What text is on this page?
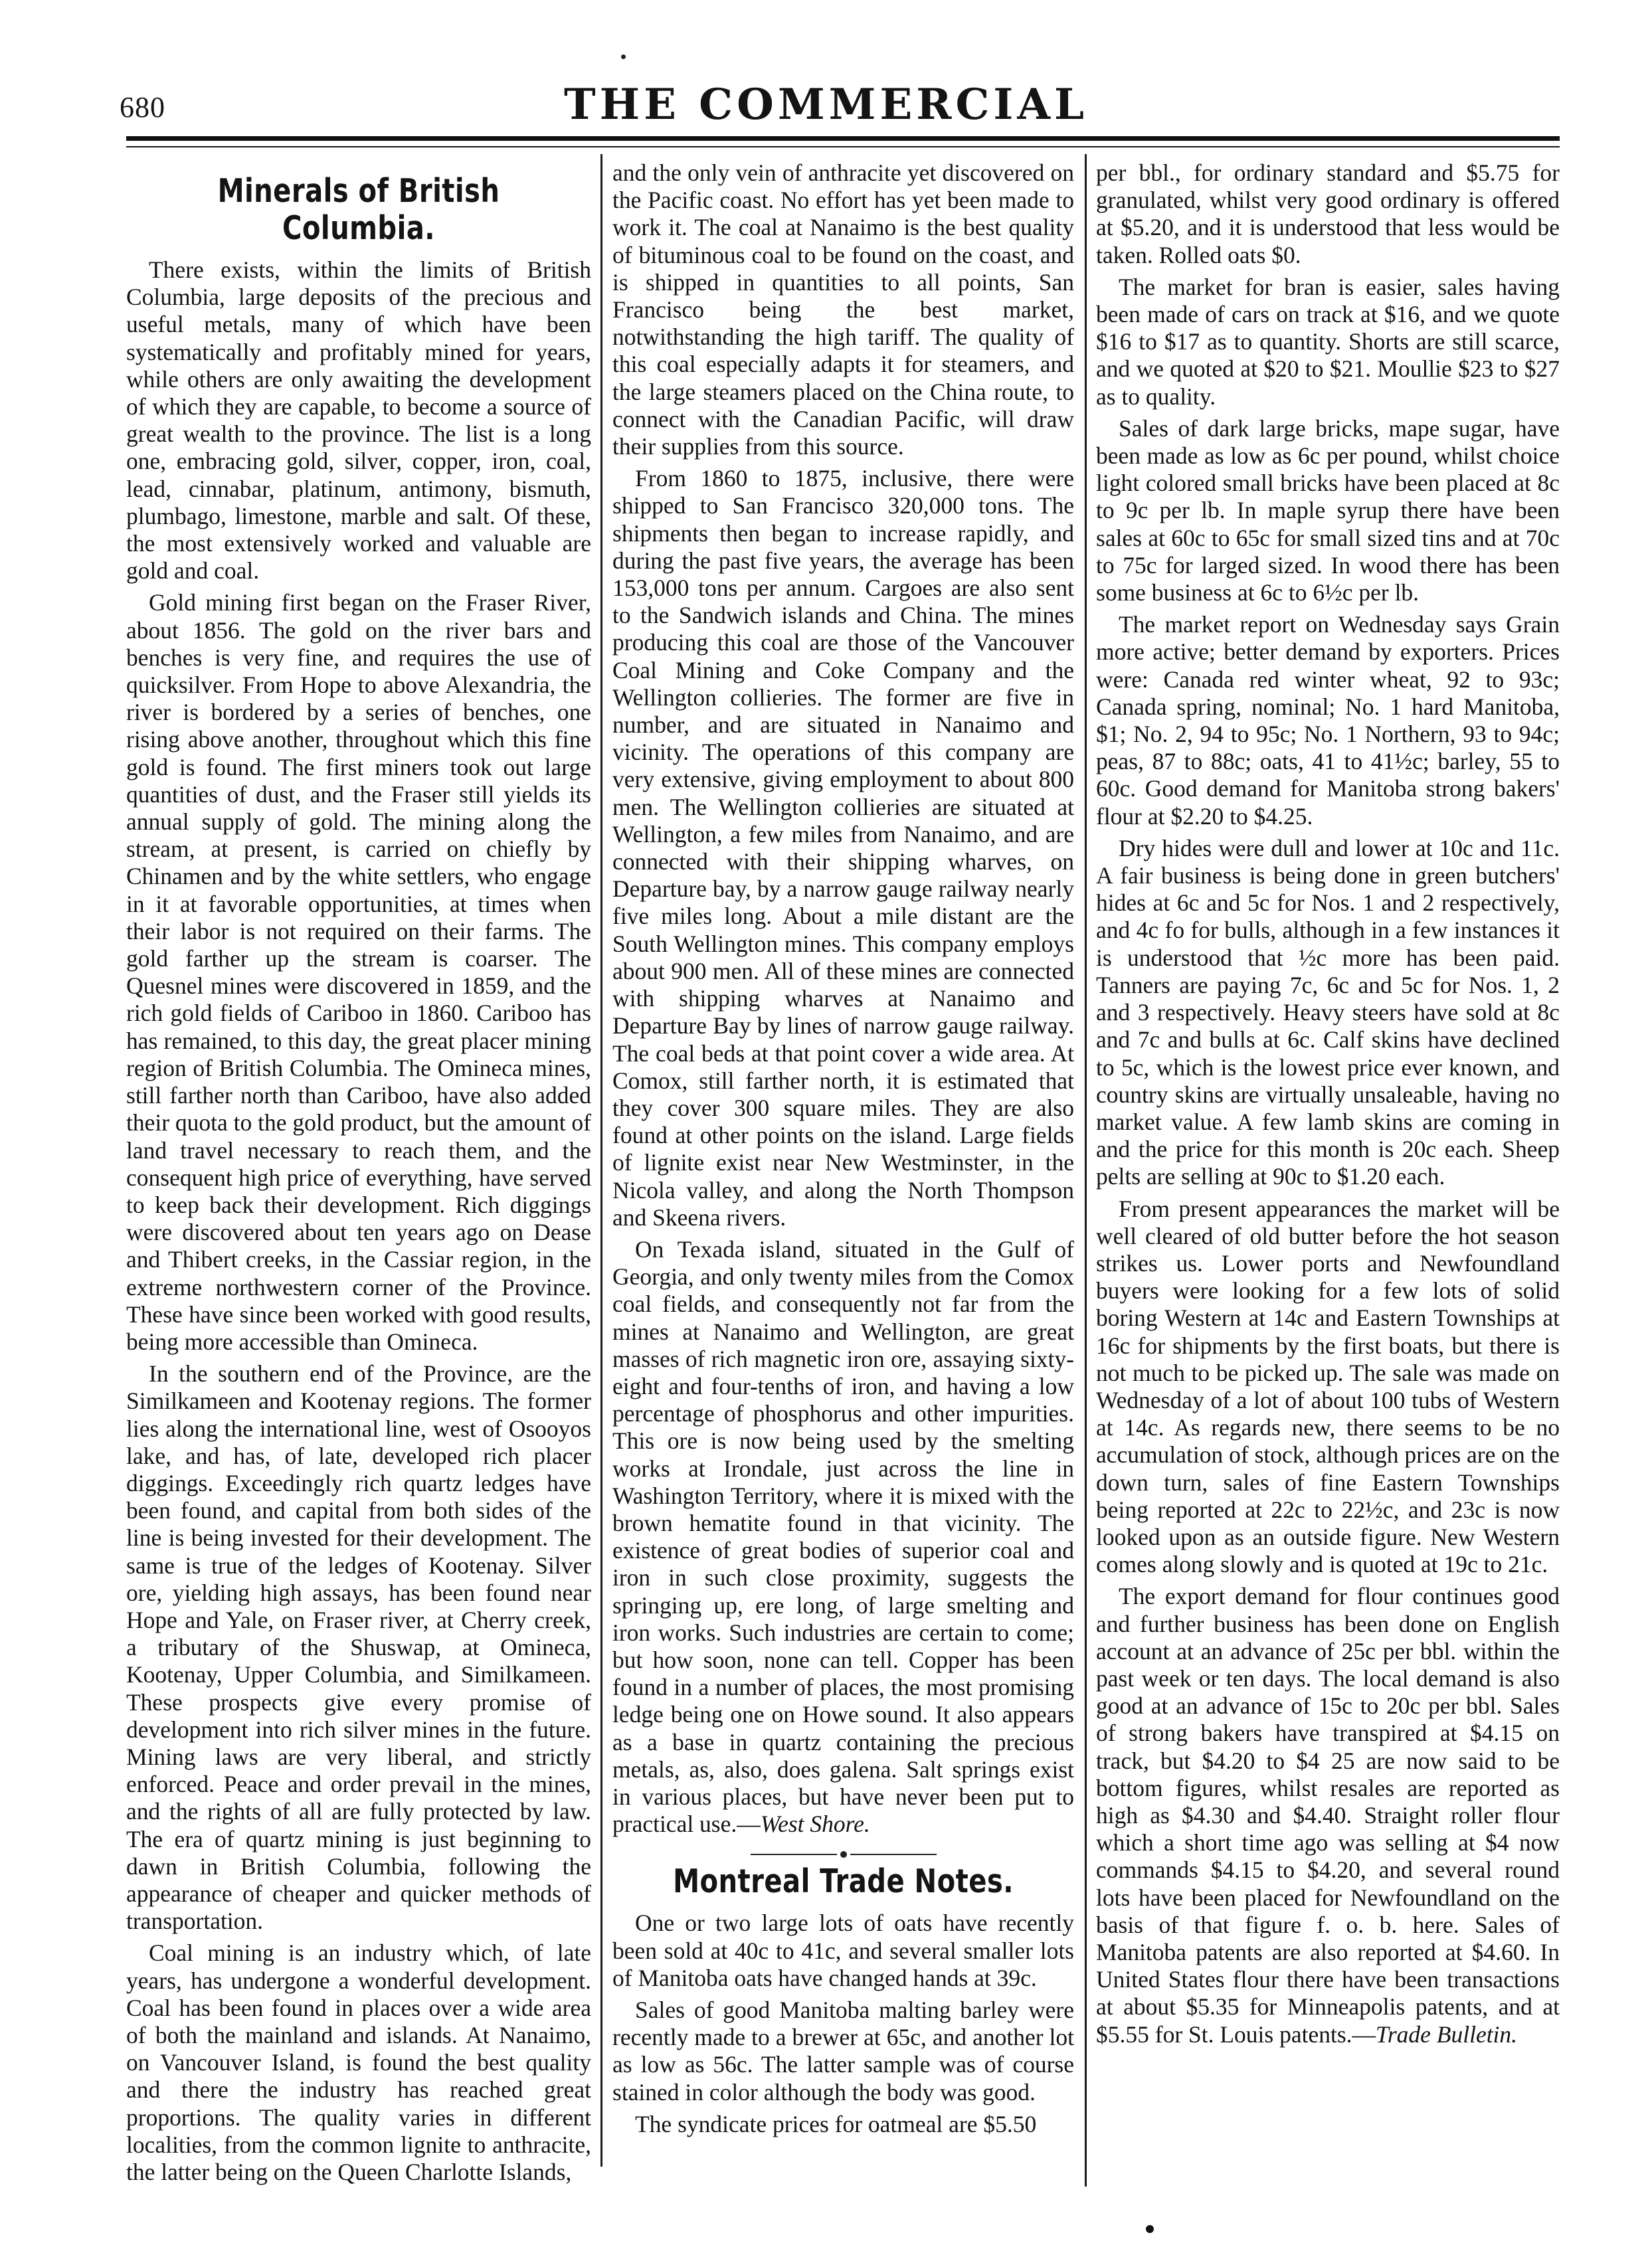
680	THE COMMERCIAL
Minerals of British Columbia.

There exists, within the limits of British Columbia, large deposits of the precious and useful metals, many of which have been systematically and profitably mined for years, while others are only awaiting the development of which they are capable, to become a source of great wealth to the province. The list is a long one, embracing gold, silver, copper, iron, coal, lead, cinnabar, platinum, antimony, bismuth, plumbago, limestone, marble and salt. Of these, the most extensively worked and valuable are gold and coal.

Gold mining first began on the Fraser River, about 1856. The gold on the river bars and benches is very fine, and requires the use of quicksilver. From Hope to above Alexandria, the river is bordered by a series of benches, one rising above another, throughout which this fine gold is found. The first miners took out large quantities of dust, and the Fraser still yields its annual supply of gold. The mining along the stream, at present, is carried on chiefly by Chinamen and by the white settlers, who engage in it at favorable opportunities, at times when their labor is not required on their farms. The gold farther up the stream is coarser. The Quesnel mines were discovered in 1859, and the rich gold fields of Cariboo in 1860. Cariboo has has remained, to this day, the great placer mining region of British Columbia. The Omineca mines, still farther north than Cariboo, have also added their quota to the gold product, but the amount of land travel necessary to reach them, and the consequent high price of everything, have served to keep back their development. Rich diggings were discovered about ten years ago on Dease and Thibert creeks, in the Cassiar region, in the extreme northwestern corner of the Province. These have since been worked with good results, being more accessible than Omineca.

In the southern end of the Province, are the Similkameen and Kootenay regions. The former lies along the international line, west of Osooyos lake, and has, of late, developed rich placer diggings. Exceedingly rich quartz ledges have been found, and capital from both sides of the line is being invested for their development. The same is true of the ledges of Kootenay. Silver ore, yielding high assays, has been found near Hope and Yale, on Fraser river, at Cherry creek, a tributary of the Shuswap, at Omineca, Kootenay, Upper Columbia, and Similkameen. These prospects give every promise of development into rich silver mines in the future. Mining laws are very liberal, and strictly enforced. Peace and order prevail in the mines, and the rights of all are fully protected by law. The era of quartz mining is just beginning to dawn in British Columbia, following the appearance of cheaper and quicker methods of transportation.

Coal mining is an industry which, of late years, has undergone a wonderful development. Coal has been found in places over a wide area of both the mainland and islands. At Nanaimo, on Vancouver Island, is found the best quality and there the industry has reached great proportions. The quality varies in different localities, from the common lignite to anthracite, the latter being on the Queen Charlotte Islands,

and the only vein of anthracite yet discovered on the Pacific coast. No effort has yet been made to work it. The coal at Nanaimo is the best quality of bituminous coal to be found on the coast, and is shipped in quantities to all points, San Francisco being the best market, notwithstanding the high tariff. The quality of this coal especially adapts it for steamers, and the large steamers placed on the China route, to connect with the Canadian Pacific, will draw their supplies from this source.

From 1860 to 1875, inclusive, there were shipped to San Francisco 320,000 tons. The shipments then began to increase rapidly, and during the past five years, the average has been 153,000 tons per annum. Cargoes are also sent to the Sandwich islands and China. The mines producing this coal are those of the Vancouver Coal Mining and Coke Company and the Wellington collieries. The former are five in number, and are situated in Nanaimo and vicinity. The operations of this company are very extensive, giving employment to about 800 men. The Wellington collieries are situated at Wellington, a few miles from Nanaimo, and are connected with their shipping wharves, on Departure bay, by a narrow gauge railway nearly five miles long. About a mile distant are the South Wellington mines. This company employs about 900 men. All of these mines are connected with shipping wharves at Nanaimo and Departure Bay by lines of narrow gauge railway. The coal beds at that point cover a wide area. At Comox, still farther north, it is estimated that they cover 300 square miles. They are also found at other points on the island. Large fields of lignite exist near New Westminster, in the Nicola valley, and along the North Thompson and Skeena rivers.

On Texada island, situated in the Gulf of Georgia, and only twenty miles from the Comox coal fields, and consequently not far from the mines at Nanaimo and Wellington, are great masses of rich magnetic iron ore, assaying sixty-eight and four-tenths of iron, and having a low percentage of phosphorus and other impurities. This ore is now being used by the smelting works at Irondale, just across the line in Washington Territory, where it is mixed with the brown hematite found in that vicinity. The existence of great bodies of superior coal and iron in such close proximity, suggests the springing up, ere long, of large smelting and iron works. Such industries are certain to come; but how soon, none can tell. Copper has been found in a number of places, the most promising ledge being one on Howe sound. It also appears as a base in quartz containing the precious metals, as, also, does galena. Salt springs exist in various places, but have never been put to practical use.—West Shore.

Montreal Trade Notes.

One or two large lots of oats have recently been sold at 40c to 41c, and several smaller lots of Manitoba oats have changed hands at 39c.

Sales of good Manitoba malting barley were recently made to a brewer at 65c, and another lot as low as 56c. The latter sample was of course stained in color although the body was good.

The syndicate prices for oatmeal are $5.50

per bbl., for ordinary standard and $5.75 for granulated, whilst very good ordinary is offered at $5.20, and it is understood that less would be taken. Rolled oats $0.

The market for bran is easier, sales having been made of cars on track at $16, and we quote $16 to $17 as to quantity. Shorts are still scarce, and we quoted at $20 to $21. Moullie $23 to $27 as to quality.

Sales of dark large bricks, mape sugar, have been made as low as 6c per pound, whilst choice light colored small bricks have been placed at 8c to 9c per lb. In maple syrup there have been sales at 60c to 65c for small sized tins and at 70c to 75c for larged sized. In wood there has been some business at 6c to 6½c per lb.

The market report on Wednesday says Grain more active; better demand by exporters. Prices were: Canada red winter wheat, 92 to 93c; Canada spring, nominal; No. 1 hard Manitoba, $1; No. 2, 94 to 95c; No. 1 Northern, 93 to 94c; peas, 87 to 88c; oats, 41 to 41½c; barley, 55 to 60c. Good demand for Manitoba strong bakers' flour at $2.20 to $4.25.

Dry hides were dull and lower at 10c and 11c. A fair business is being done in green butchers' hides at 6c and 5c for Nos. 1 and 2 respectively, and 4c fo for bulls, although in a few instances it is understood that ½c more has been paid. Tanners are paying 7c, 6c and 5c for Nos. 1, 2 and 3 respectively. Heavy steers have sold at 8c and 7c and bulls at 6c. Calf skins have declined to 5c, which is the lowest price ever known, and country skins are virtually unsaleable, having no market value. A few lamb skins are coming in and the price for this month is 20c each. Sheep pelts are selling at 90c to $1.20 each.

From present appearances the market will be well cleared of old butter before the hot season strikes us. Lower ports and Newfoundland buyers were looking for a few lots of solid boring Western at 14c and Eastern Townships at 16c for shipments by the first boats, but there is not much to be picked up. The sale was made on Wednesday of a lot of about 100 tubs of Western at 14c. As regards new, there seems to be no accumulation of stock, although prices are on the down turn, sales of fine Eastern Townships being reported at 22c to 22½c, and 23c is now looked upon as an outside figure. New Western comes along slowly and is quoted at 19c to 21c.

The export demand for flour continues good and further business has been done on English account at an advance of 25c per bbl. within the past week or ten days. The local demand is also good at an advance of 15c to 20c per bbl. Sales of strong bakers have transpired at $4.15 on track, but $4.20 to $4 25 are now said to be bottom figures, whilst resales are reported as high as $4.30 and $4.40. Straight roller flour which a short time ago was selling at $4 now commands $4.15 to $4.20, and several round lots have been placed for Newfoundland on the basis of that figure f. o. b. here. Sales of Manitoba patents are also reported at $4.60. In United States flour there have been transactions at about $5.35 for Minneapolis patents, and at $5.55 for St. Louis patents.—Trade Bulletin.
